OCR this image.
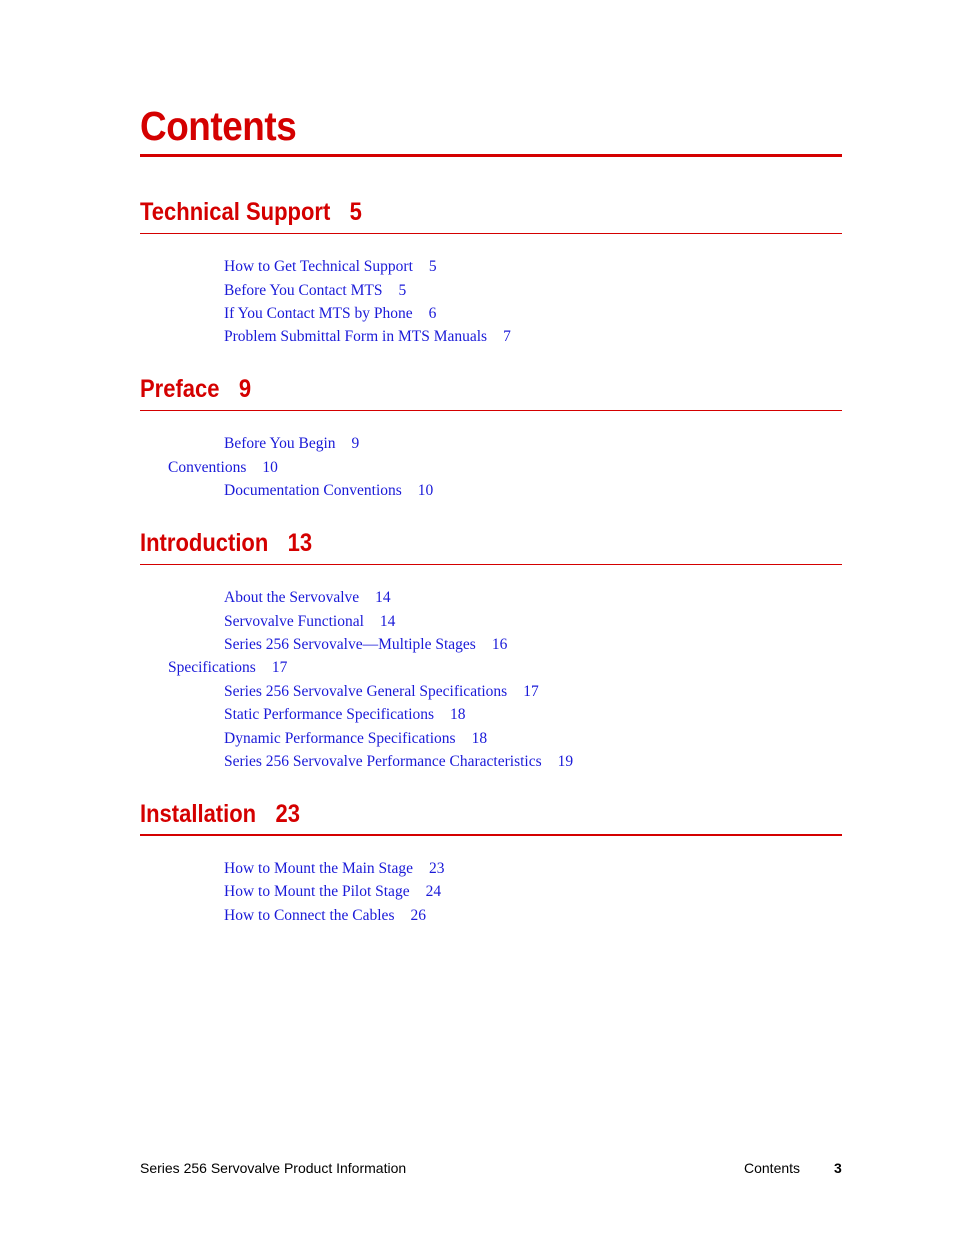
Contents
Technical Support 5
How to Get Technical Support 5
Before You Contact MTS 5
If You Contact MTS by Phone 6
Problem Submittal Form in MTS Manuals 7
Preface 9
Before You Begin 9
Conventions 10
Documentation Conventions 10
Introduction 13
About the Servovalve 14
Servovalve Functional 14
Series 256 Servovalve—Multiple Stages 16
Specifications 17
Series 256 Servovalve General Specifications 17
Static Performance Specifications 18
Dynamic Performance Specifications 18
Series 256 Servovalve Performance Characteristics 19
Installation 23
How to Mount the Main Stage 23
How to Mount the Pilot Stage 24
How to Connect the Cables 26
Series 256 Servovalve Product Information	Contents 3
